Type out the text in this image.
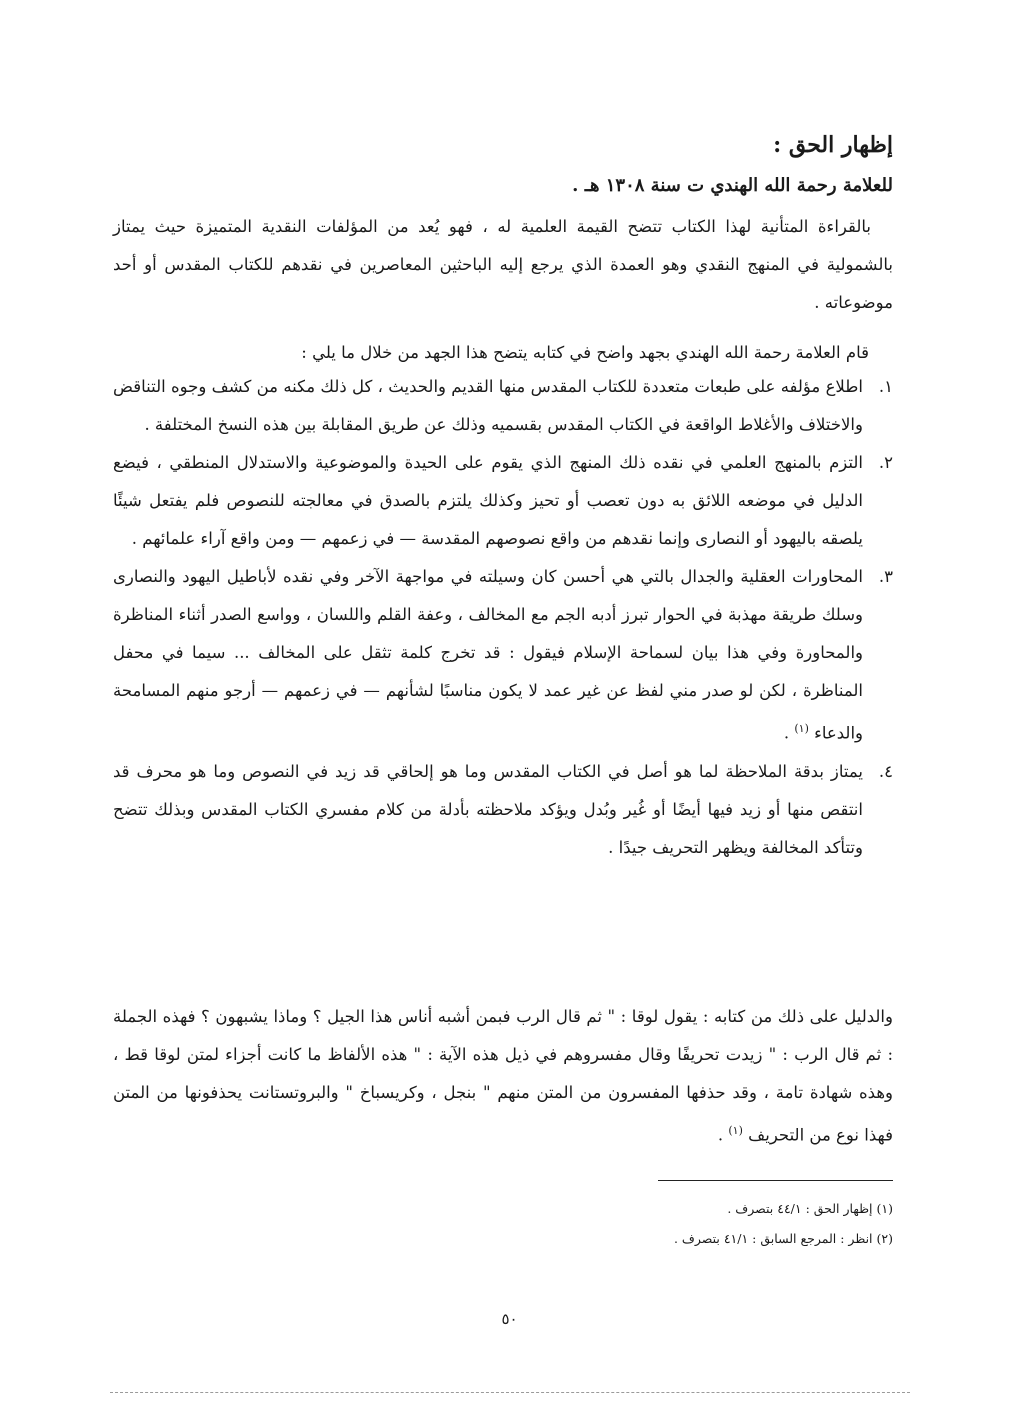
إظهار الحق :
للعلامة رحمة الله الهندي ت سنة ١٣٠٨ هـ .

بالقراءة المتأنية لهذا الكتاب تتضح القيمة العلمية له ، فهو يُعد من المؤلفات النقدية المتميزة حيث يمتاز بالشمولية في المنهج النقدي وهو العمدة الذي يرجع إليه الباحثين المعاصرين في نقدهم للكتاب المقدس أو أحد موضوعاته .

قام العلامة رحمة الله الهندي بجهد واضح في كتابه يتضح هذا الجهد من خلال ما يلي :
١.
اطلاع مؤلفه على طبعات متعددة للكتاب المقدس منها القديم والحديث ، كل ذلك مكنه من كشف وجوه التناقض والاختلاف والأغلاط الواقعة في الكتاب المقدس بقسميه وذلك عن طريق المقابلة بين هذه النسخ المختلفة .
٢.
التزم بالمنهج العلمي في نقده ذلك المنهج الذي يقوم على الحيدة والموضوعية والاستدلال المنطقي ، فيضع الدليل في موضعه اللائق به دون تعصب أو تحيز وكذلك يلتزم بالصدق في معالجته للنصوص فلم يفتعل شيئًا يلصقه باليهود أو النصارى وإنما نقدهم من واقع نصوصهم المقدسة — في زعمهم — ومن واقع آراء علمائهم .
٣.
المحاورات العقلية والجدال بالتي هي أحسن كان وسيلته في مواجهة الآخر وفي نقده لأباطيل اليهود والنصارى وسلك طريقة مهذبة في الحوار تبرز أدبه الجم مع المخالف ، وعفة القلم واللسان ، وواسع الصدر أثناء المناظرة والمحاورة وفي هذا بيان لسماحة الإسلام فيقول : قد تخرج كلمة تثقل على المخالف ... سيما في محفل المناظرة ، لكن لو صدر مني لفظ عن غير عمد لا يكون مناسبًا لشأنهم — في زعمهم — أرجو منهم المسامحة والدعاء $^{(١)}$ .
٤.
يمتاز بدقة الملاحظة لما هو أصل في الكتاب المقدس وما هو إلحاقي قد زيد في النصوص وما هو محرف قد انتقص منها أو زيد فيها أيضًا أو غُير وبُدل ويؤكد ملاحظته بأدلة من كلام مفسري الكتاب المقدس وبذلك تتضح وتتأكد المخالفة ويظهر التحريف جيدًا .

والدليل على ذلك من كتابه : يقول لوقا : " ثم قال الرب فبمن أشبه أناس هذا الجيل ؟ وماذا يشبهون ؟ فهذه الجملة : ثم قال الرب : " زيدت تحريفًا وقال مفسروهم في ذيل هذه الآية : " هذه الألفاظ ما كانت أجزاء لمتن لوقا قط ، وهذه شهادة تامة ، وقد حذفها المفسرون من المتن منهم " بنجل ، وكريسباخ " والبروتستانت يحذفونها من المتن فهذا نوع من التحريف $^{(١)}$ .

(١) إظهار الحق : ٤٤/١ بتصرف .

(٢) انظر : المرجع السابق : ٤١/١ بتصرف .

٥٠
